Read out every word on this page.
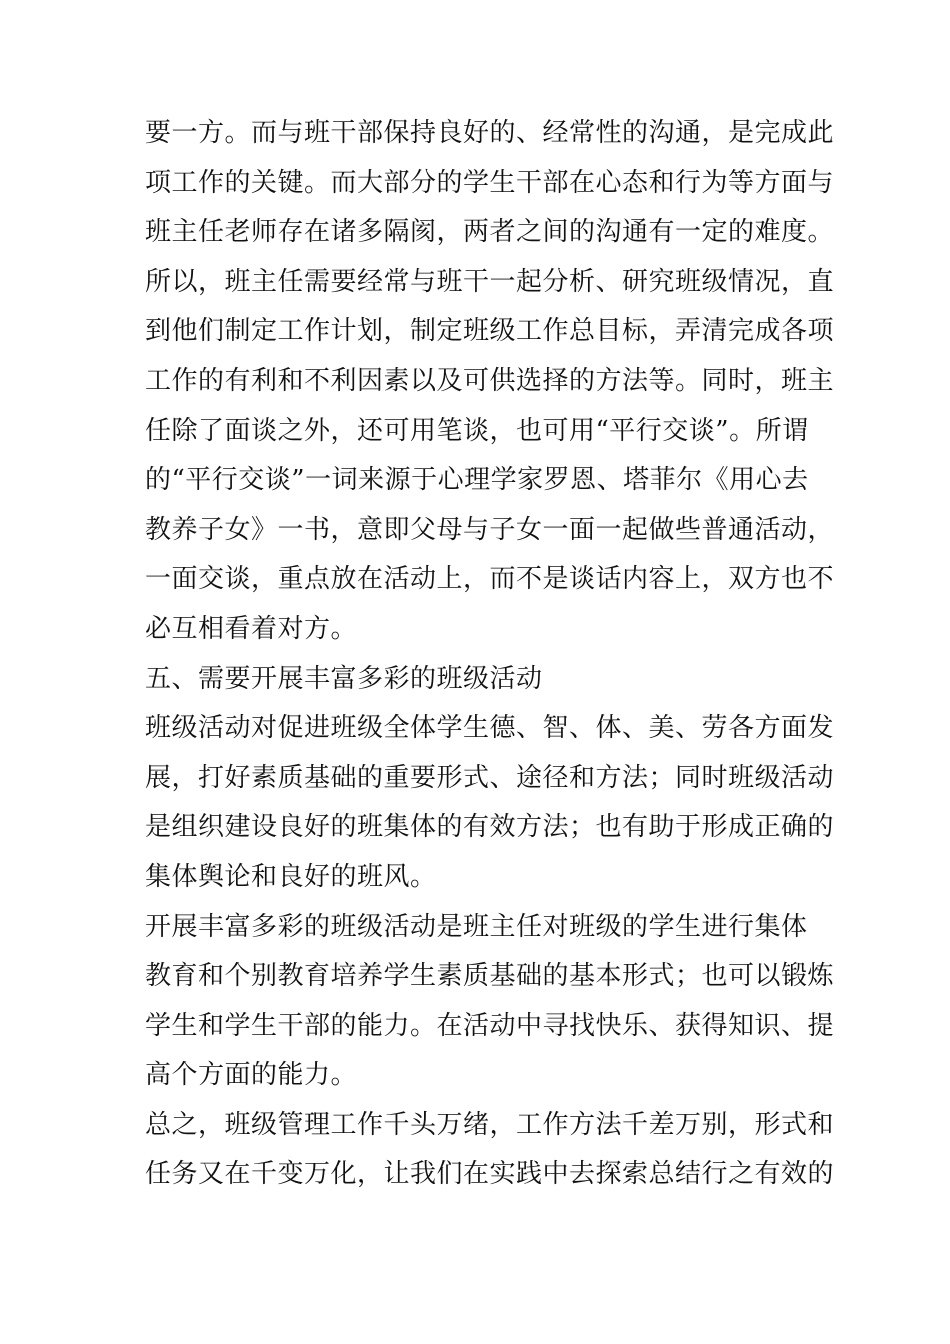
要一方。而与班干部保持良好的、经常性的沟通，是完成此
项工作的关键。而大部分的学生干部在心态和行为等方面与
班主任老师存在诸多隔阂，两者之间的沟通有一定的难度。
所以，班主任需要经常与班干一起分析、研究班级情况，直
到他们制定工作计划，制定班级工作总目标，弄清完成各项
工作的有利和不利因素以及可供选择的方法等。同时，班主
任除了面谈之外，还可用笔谈，也可用“平行交谈”。所谓
的“平行交谈”一词来源于心理学家罗恩、塔菲尔《用心去
教养子女》一书，意即父母与子女一面一起做些普通活动，
一面交谈，重点放在活动上，而不是谈话内容上，双方也不
必互相看着对方。
五、需要开展丰富多彩的班级活动
班级活动对促进班级全体学生德、智、体、美、劳各方面发
展，打好素质基础的重要形式、途径和方法；同时班级活动
是组织建设良好的班集体的有效方法；也有助于形成正确的
集体舆论和良好的班风。
开展丰富多彩的班级活动是班主任对班级的学生进行集体
教育和个别教育培养学生素质基础的基本形式；也可以锻炼
学生和学生干部的能力。在活动中寻找快乐、获得知识、提
高个方面的能力。
总之，班级管理工作千头万绪，工作方法千差万别，形式和
任务又在千变万化，让我们在实践中去探索总结行之有效的
